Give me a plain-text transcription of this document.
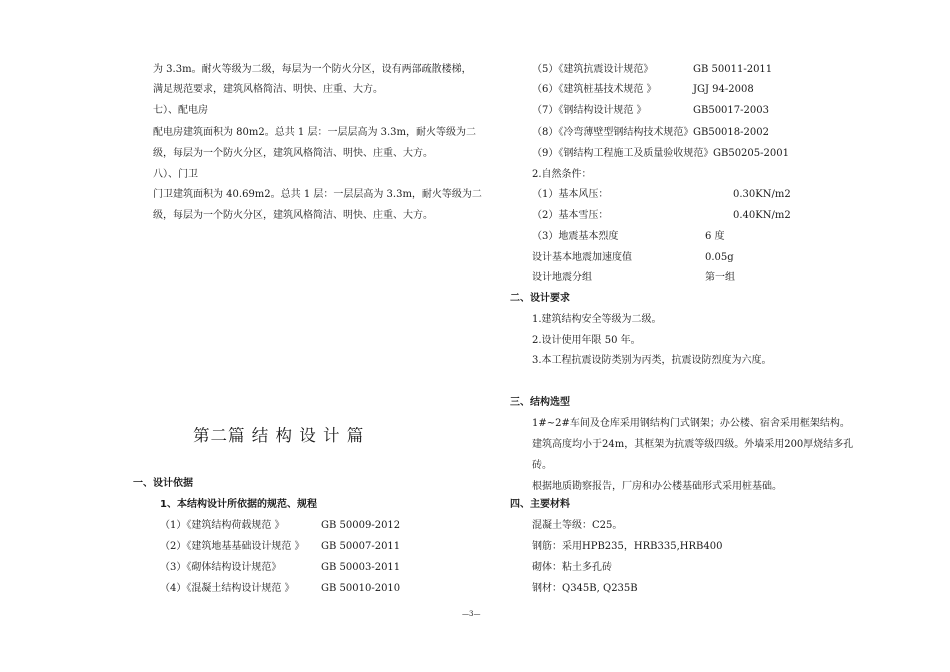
为 3.3m。耐火等级为二级，每层为一个防火分区，设有两部疏散楼梯，
满足规范要求，建筑风格简洁、明快、庄重、大方。
七）、配电房
配电房建筑面积为 80m2。总共 1 层：一层层高为 3.3m，耐火等级为二
级，每层为一个防火分区，建筑风格简洁、明快、庄重、大方。
八）、门卫
门卫建筑面积为 40.69m2。总共 1 层：一层层高为 3.3m，耐火等级为二
级，每层为一个防火分区，建筑风格简洁、明快、庄重、大方。
第二篇 结 构 设 计 篇
一、设计依据
1、本结构设计所依据的规范、规程
（1）《建筑结构荷载规范 》	GB 50009-2012
（2）《建筑地基基础设计规范 》 GB 50007-2011
（3）《砌体结构设计规范》	GB 50003-2011
（4）《混凝土结构设计规范 》	GB 50010-2010
（5）《建筑抗震设计规范》	GB 50011-2011
（6）《建筑桩基技术规范 》	JGJ 94-2008
（7）《钢结构设计规范 》	GB50017-2003
（8）《冷弯薄壁型钢结构技术规范》 GB50018-2002
（9）《钢结构工程施工及质量验收规范》 GB50205-2001
2.自然条件：
（1）基本风压：	0.30KN/m2
（2）基本雪压：	0.40KN/m2
（3）地震基本烈度	6 度
设计基本地震加速度值	0.05g
设计地震分组	第一组
二、设计要求
1.建筑结构安全等级为二级。
2.设计使用年限 50 年。
3.本工程抗震设防类别为丙类，抗震设防烈度为六度。
三、结构选型
1#~2#车间及仓库采用钢结构门式钢架；办公楼、宿舍采用框架结构。
建筑高度均小于24m，其框架为抗震等级四级。外墙采用200厚烧结多孔
砖。
根据地质勘察报告，厂房和办公楼基础形式采用桩基础。
四、主要材料
混凝土等级：C25。
钢筋：采用HPB235，HRB335,HRB400
砌体：粘土多孔砖
钢材：Q345B, Q235B
—3—
